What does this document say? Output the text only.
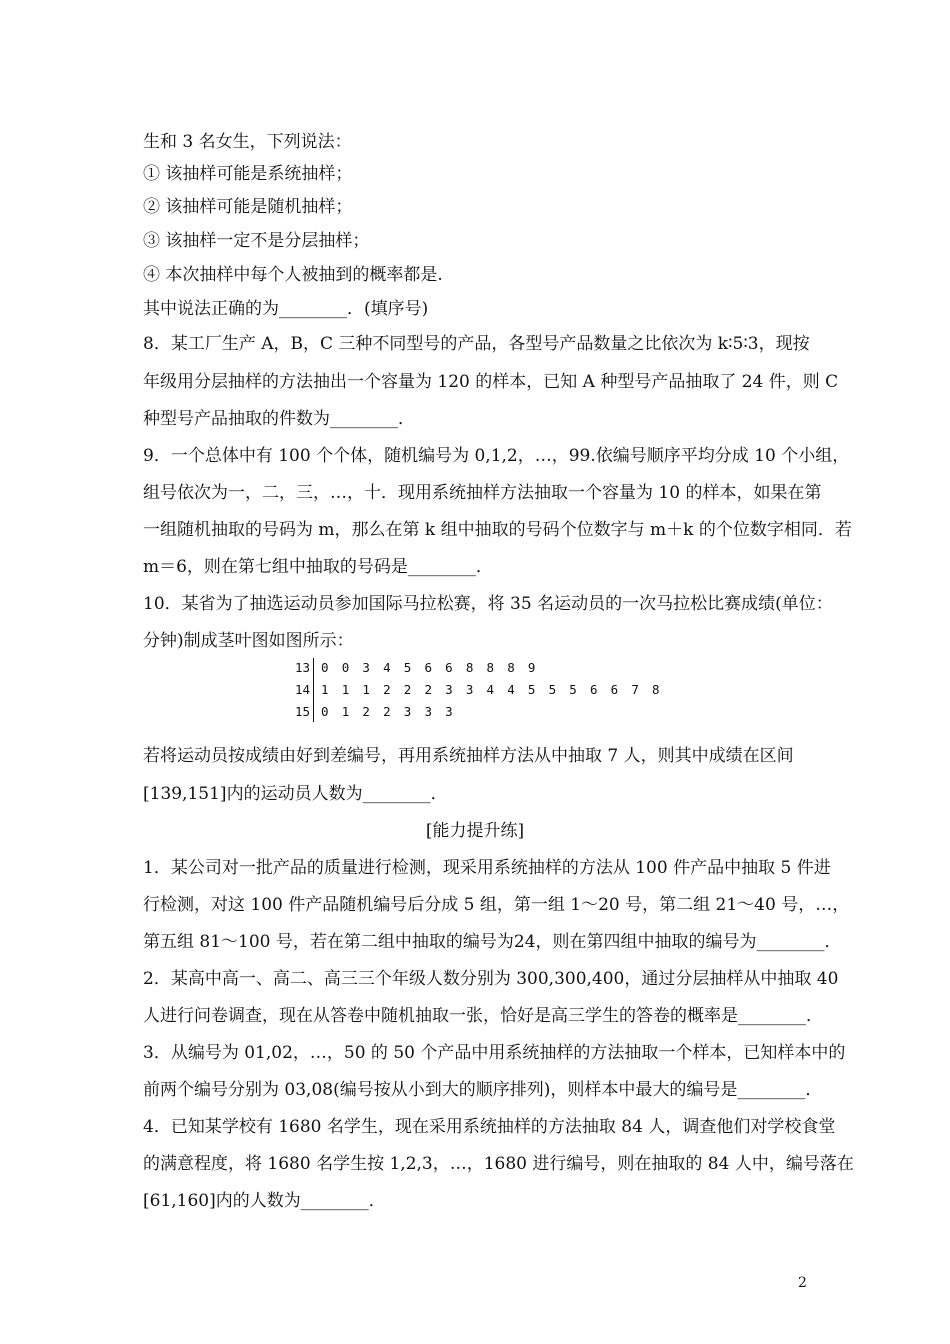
生和 3 名女生，下列说法：
① 该抽样可能是系统抽样；
② 该抽样可能是随机抽样；
③ 该抽样一定不是分层抽样；
④ 本次抽样中每个人被抽到的概率都是.
其中说法正确的为________．(填序号)
8．某工厂生产 A，B，C 三种不同型号的产品，各型号产品数量之比依次为 k∶5∶3，现按
年级用分层抽样的方法抽出一个容量为 120 的样本，已知 A 种型号产品抽取了 24 件，则 C
种型号产品抽取的件数为________．
9．一个总体中有 100 个个体，随机编号为 0,1,2，…，99.依编号顺序平均分成 10 个小组，
组号依次为一，二，三，…，十．现用系统抽样方法抽取一个容量为 10 的样本，如果在第
一组随机抽取的号码为 m，那么在第 k 组中抽取的号码个位数字与 m＋k 的个位数字相同．若
m＝6，则在第七组中抽取的号码是________．
10．某省为了抽选运动员参加国际马拉松赛，将 35 名运动员的一次马拉松比赛成绩(单位：
分钟)制成茎叶图如图所示：
13 0 0 3 4 5 6 6 8 8 8 9
14 1 1 1 2 2 2 3 3 4 4 5 5 5 6 6 7 8
15 0 1 2 2 3 3 3
若将运动员按成绩由好到差编号，再用系统抽样方法从中抽取 7 人，则其中成绩在区间
[139,151]内的运动员人数为________．
[能力提升练]
1．某公司对一批产品的质量进行检测，现采用系统抽样的方法从 100 件产品中抽取 5 件进
行检测，对这 100 件产品随机编号后分成 5 组，第一组 1～20 号，第二组 21～40 号，…，
第五组 81～100 号，若在第二组中抽取的编号为24，则在第四组中抽取的编号为________．
2．某高中高一、高二、高三三个年级人数分别为 300,300,400，通过分层抽样从中抽取 40
人进行问卷调查，现在从答卷中随机抽取一张，恰好是高三学生的答卷的概率是________．
3．从编号为 01,02，…，50 的 50 个产品中用系统抽样的方法抽取一个样本，已知样本中的
前两个编号分别为 03,08(编号按从小到大的顺序排列)，则样本中最大的编号是________．
4．已知某学校有 1680 名学生，现在采用系统抽样的方法抽取 84 人，调查他们对学校食堂
的满意程度，将 1680 名学生按 1,2,3，…，1680 进行编号，则在抽取的 84 人中，编号落在
[61,160]内的人数为________．
2
